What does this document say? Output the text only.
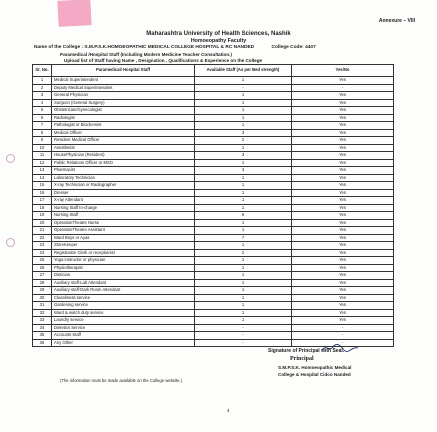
Annexure – VIII
Maharashtra University of Health Sciences, Nashik
Homoeopathy Faculty
Name of the College : S.M.P.S.K.HOMOEOPATHIC MEDICAL COLLEGE HOSPITAL & RC NANDED	College Code: 4407
Paramedical /Hospital Staff (Including Modern Medicine Teacher Consultation.)
Upload list of Staff having Name , Designation , Qualifications & Experience on the College
Sr. No.	Paramedical/ Hospital Staff	Available Staff (As per Bed strength)	Yes/No
1	Medical Superintendent	1	Yes
2	Deputy Medical Superintendent	-	-
3	General Physician	1	Yes
4	Surgeon (General Surgery)	1	Yes
5	Obstetrician/Gynecologist	1	Yes
6	Radiologist	1	Yes
7	Pathologist or Biochemist	1	Yes
8	Medical Officer	3	Yes
9	Resident Medical Officer	2	Yes
10	Anesthetist	1	Yes
11	HousePhysician (Resident)	3	Yes
12	Public Relations Officer or MSO	1	Yes
13	Pharmacist	3	Yes
14	Laboratory Technician	1	Yes
15	X-ray Technician or Radiographer	1	Yes
16	Dresser	1	Yes
17	X-ray Attendant	1	Yes
18	Nursing Staff In-charge	1	Yes
19	Nursing Staff	6	Yes
20	OperationTheatre Nurse	1	Yes
21	OperationTheatre Assistant	1	Yes
22	Ward Boys or Ayas	7	Yes
23	StoreKeeper	1	Yes
24	Registration Clerk or receptionist	2	Yes
25	Yoga instructor or physician	1	Yes
26	Physiotherapist	1	Yes
27	Dietician	1	Yes
28	Auxiliary staff-Lab Attendant	1	Yes
29	Auxiliary staff-Dark Room Attendant	1	Yes
30	Cleanliness service	1	Yes
31	Gardening service	1	Yes
32	Ward & watch duty service	1	Yes
33	Laundry service	1	Yes
34	Dietetics Service	-	-
35	Accounts Staff	-	-
36	Any Other	-	-
Signature of Principal with Seal.
Principal
S.M.P.S.K. Homoeopathic Medical
College & Hospital Cidco Nanded
(The information must be made available on the College website.)
4
